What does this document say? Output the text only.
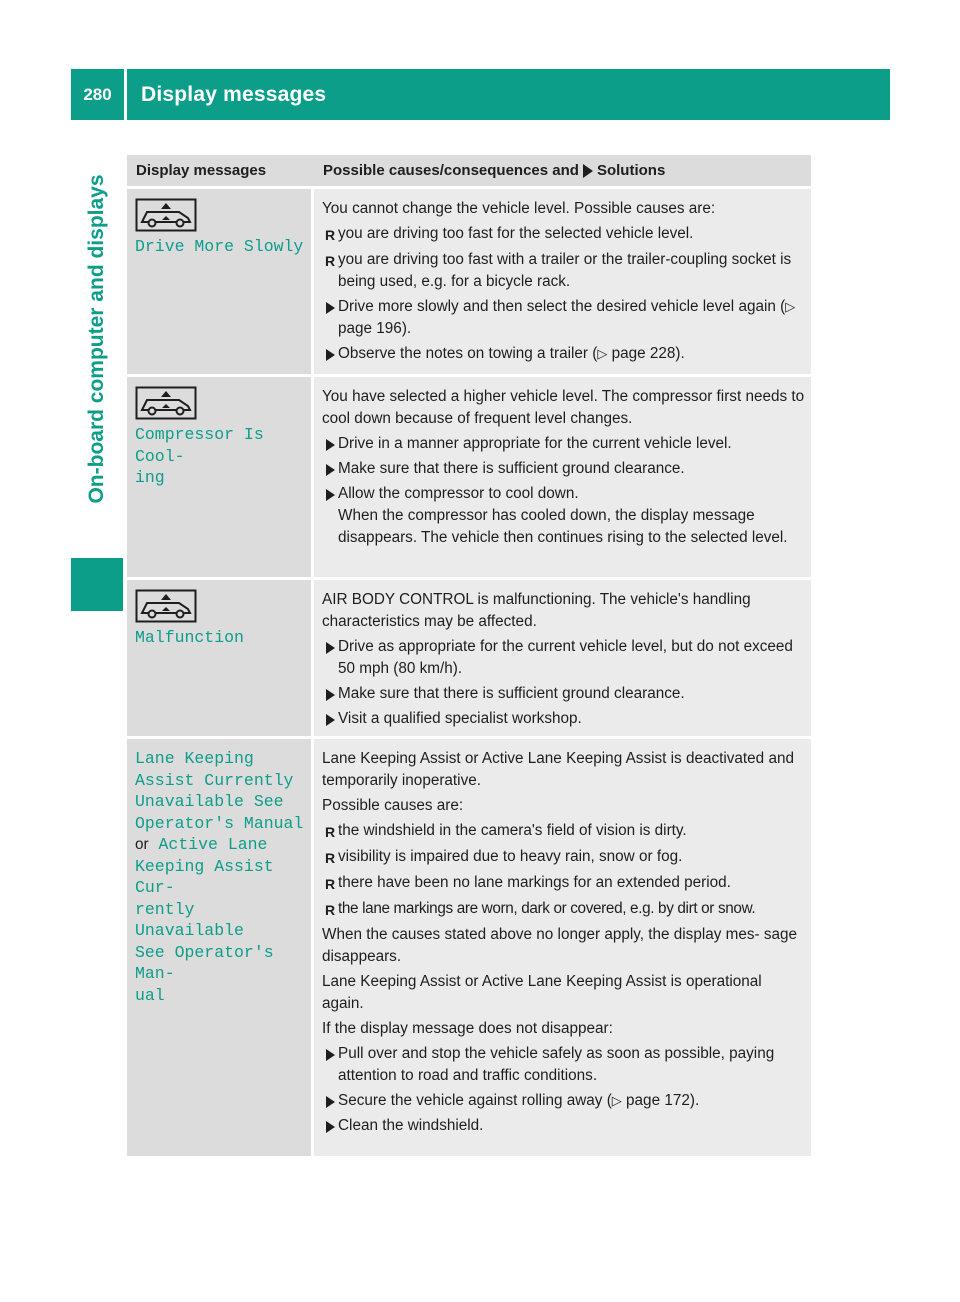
280	Display messages
On-board computer and displays
Display messages	Possible causes/consequences and Solutions
Drive More Slowly
You cannot change the vehicle level. Possible causes are:
R you are driving too fast for the selected vehicle level.
R you are driving too fast with a trailer or the trailer-coupling socket is being used, e.g. for a bicycle rack.
Drive more slowly and then select the desired vehicle level again (▷ page 196).
Observe the notes on towing a trailer (▷ page 228).
Compressor Is Cool‐
ing
You have selected a higher vehicle level. The compressor first needs to cool down because of frequent level changes.
Drive in a manner appropriate for the current vehicle level.
Make sure that there is sufficient ground clearance.
Allow the compressor to cool down.
When the compressor has cooled down, the display message disappears. The vehicle then continues rising to the selected level.
Malfunction
AIR BODY CONTROL is malfunctioning. The vehicle's handling characteristics may be affected.
Drive as appropriate for the current vehicle level, but do not exceed 50 mph (80 km/h).
Make sure that there is sufficient ground clearance.
Visit a qualified specialist workshop.
Lane Keeping
Assist Currently
Unavailable See
Operator's Manual
or Active Lane
Keeping Assist Cur‐
rently Unavailable
See Operator's Man‐
ual
Lane Keeping Assist or Active Lane Keeping Assist is deactivated and temporarily inoperative.
Possible causes are:
R the windshield in the camera's field of vision is dirty.
R visibility is impaired due to heavy rain, snow or fog.
R there have been no lane markings for an extended period.
R the lane markings are worn, dark or covered, e.g. by dirt or snow.
When the causes stated above no longer apply, the display mes‐ sage disappears.
Lane Keeping Assist or Active Lane Keeping Assist is operational again.
If the display message does not disappear:
Pull over and stop the vehicle safely as soon as possible, paying attention to road and traffic conditions.
Secure the vehicle against rolling away (▷ page 172).
Clean the windshield.
